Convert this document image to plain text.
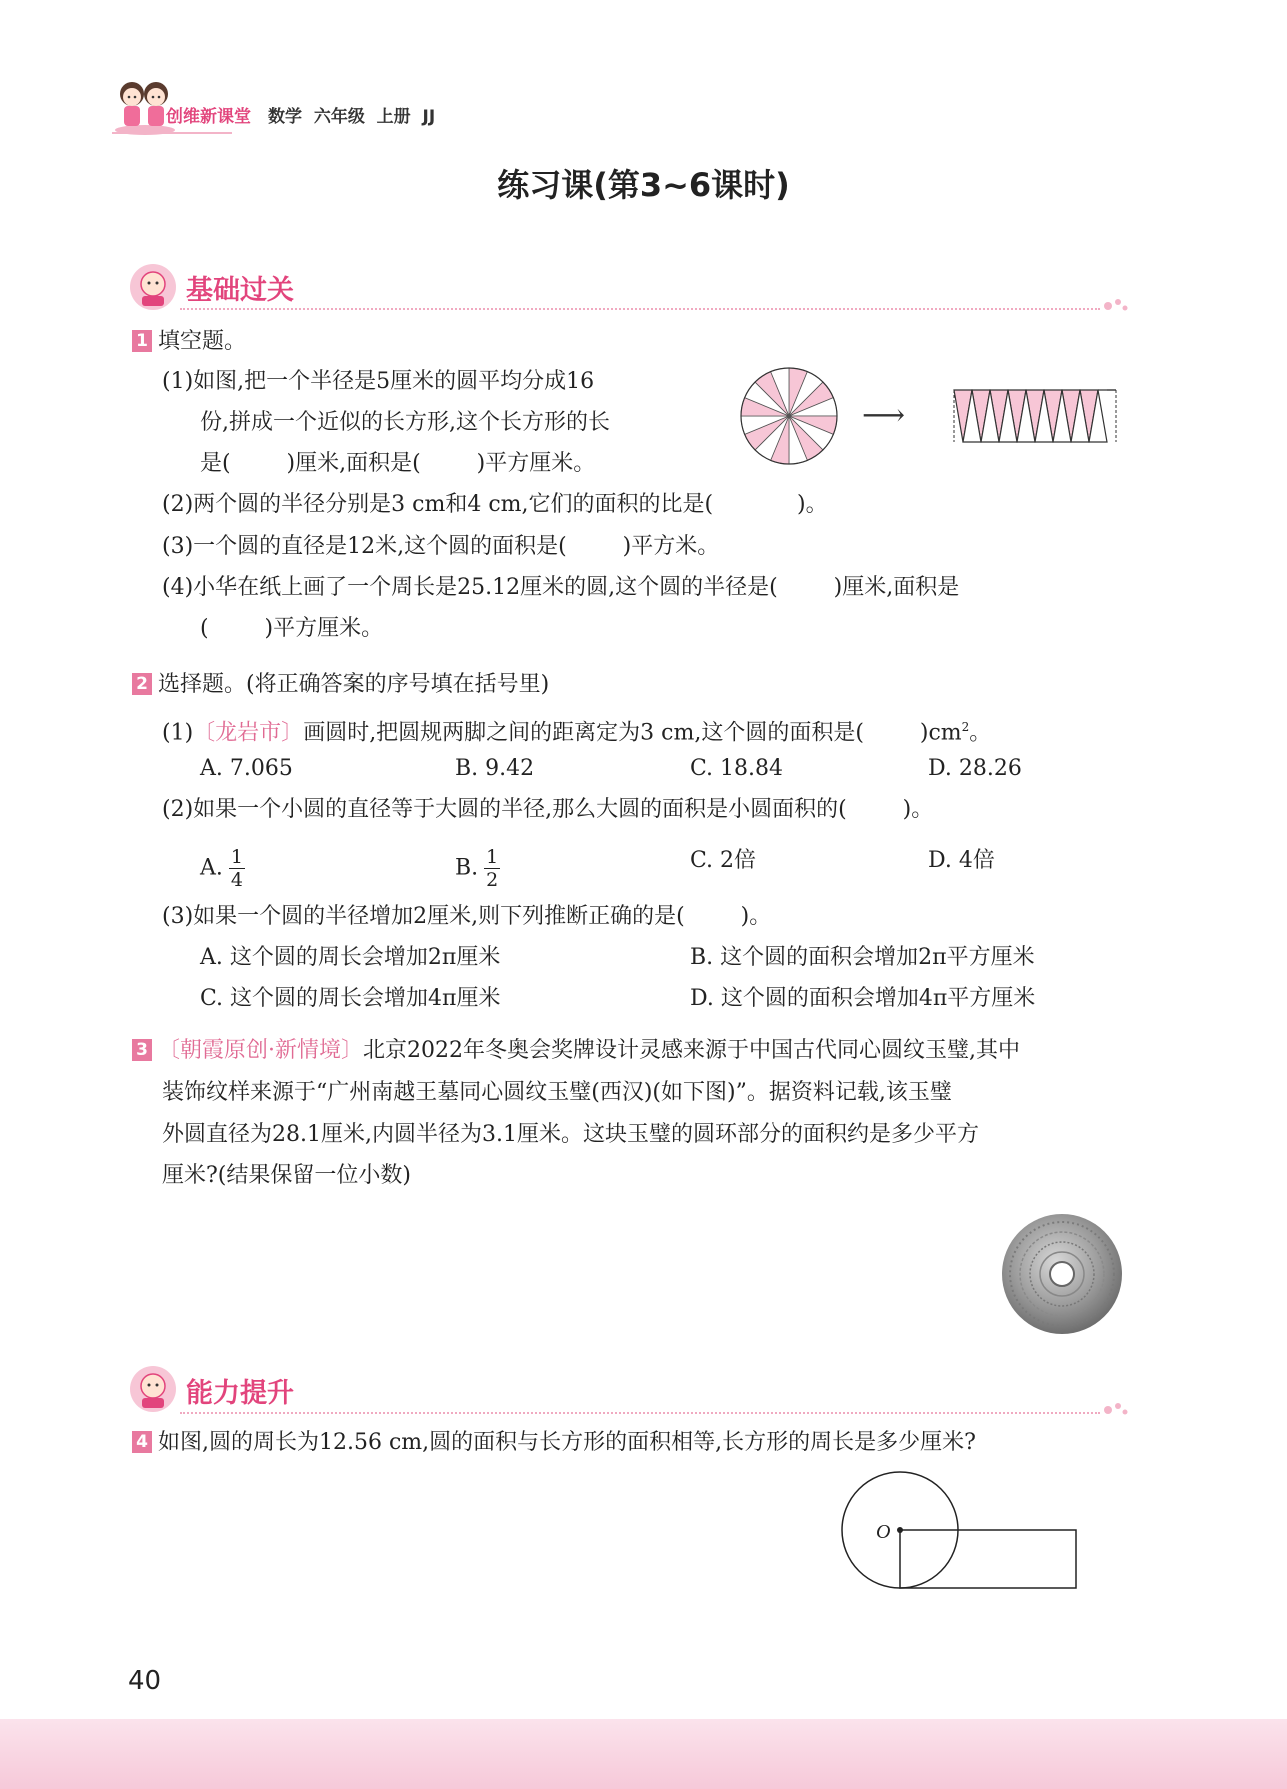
创维新课堂 数学  六年级  上册  JJ
练习课(第3~6课时)
基础过关
1 填空题。
(1)如图,把一个半径是5厘米的圆平均分成16
份,拼成一个近似的长方形,这个长方形的长
是(        )厘米,面积是(        )平方厘米。
⟶
(2)两个圆的半径分别是3 cm和4 cm,它们的面积的比是(            )。
(3)一个圆的直径是12米,这个圆的面积是(        )平方米。
(4)小华在纸上画了一个周长是25.12厘米的圆,这个圆的半径是(        )厘米,面积是
(        )平方厘米。
2 选择题。(将正确答案的序号填在括号里)
(1)〔龙岩市〕画圆时,把圆规两脚之间的距离定为3 cm,这个圆的面积是(        )$cm^2$。
A. 7.065	B. 9.42	C. 18.84	D. 28.26
(2)如果一个小圆的直径等于大圆的半径,那么大圆的面积是小圆面积的(        )。
A. $\frac{1}{4}$	B. $\frac{1}{2}$	C. 2倍	D. 4倍
(3)如果一个圆的半径增加2厘米,则下列推断正确的是(        )。
A. 这个圆的周长会增加2π厘米	B. 这个圆的面积会增加2π平方厘米
C. 这个圆的周长会增加4π厘米	D. 这个圆的面积会增加4π平方厘米
3 〔朝霞原创·新情境〕北京2022年冬奥会奖牌设计灵感来源于中国古代同心圆纹玉璧,其中
装饰纹样来源于“广州南越王墓同心圆纹玉璧(西汉)(如下图)”。据资料记载,该玉璧
外圆直径为28.1厘米,内圆半径为3.1厘米。这块玉璧的圆环部分的面积约是多少平方
厘米?(结果保留一位小数)
能力提升
4 如图,圆的周长为12.56 cm,圆的面积与长方形的面积相等,长方形的周长是多少厘米?
O
40
